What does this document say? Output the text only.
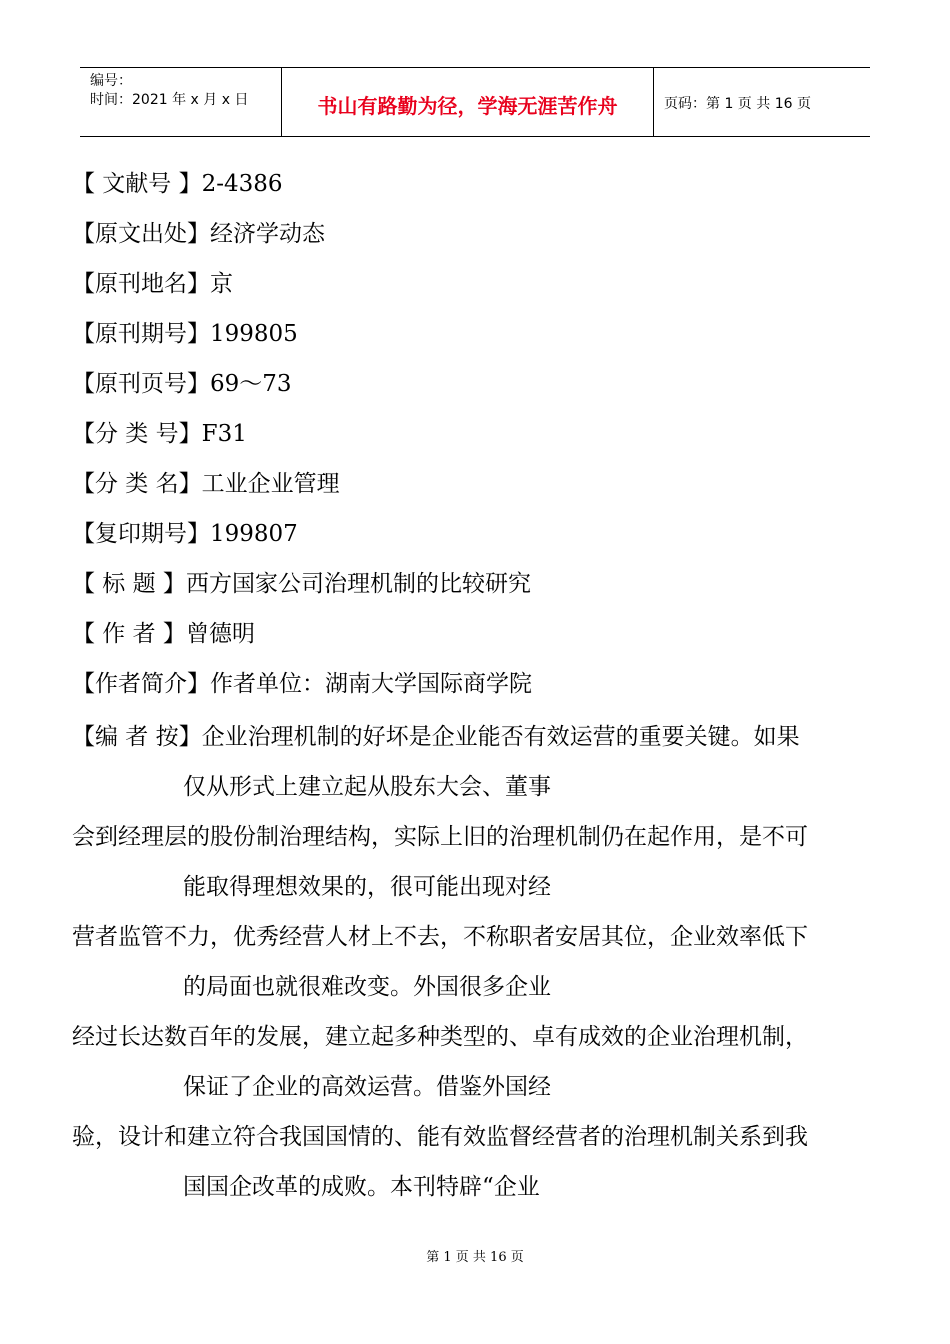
编号：
时间：2021 年 x 月 x 日	书山有路勤为径，学海无涯苦作舟	页码：第 1 页 共 16 页
【 文献号 】2-4386
【原文出处】经济学动态
【原刊地名】京
【原刊期号】199805
【原刊页号】69～73
【分 类 号】F31
【分 类 名】工业企业管理
【复印期号】199807
【 标 题 】西方国家公司治理机制的比较研究
【 作 者 】曾德明
【作者简介】作者单位：湖南大学国际商学院
【编 者 按】企业治理机制的好坏是企业能否有效运营的重要关键。如果
仅从形式上建立起从股东大会、董事
会到经理层的股份制治理结构，实际上旧的治理机制仍在起作用，是不可
能取得理想效果的，很可能出现对经
营者监管不力，优秀经营人材上不去，不称职者安居其位，企业效率低下
的局面也就很难改变。外国很多企业
经过长达数百年的发展，建立起多种类型的、卓有成效的企业治理机制，
保证了企业的高效运营。借鉴外国经
验，设计和建立符合我国国情的、能有效监督经营者的治理机制关系到我
国国企改革的成败。本刊特辟“企业
第 1 页 共 16 页
